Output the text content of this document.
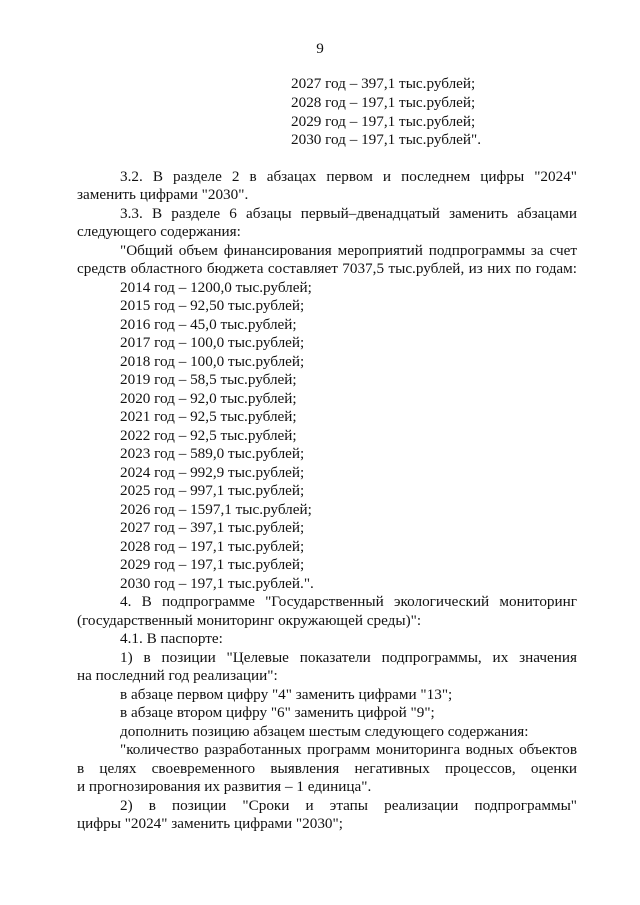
9
2027 год – 397,1 тыс.рублей;
2028 год – 197,1 тыс.рублей;
2029 год – 197,1 тыс.рублей;
2030 год – 197,1 тыс.рублей".
3.2. В разделе 2 в абзацах первом и последнем цифры "2024"
заменить цифрами "2030".
3.3. В разделе 6 абзацы первый–двенадцатый заменить абзацами
следующего содержания:
"Общий объем финансирования мероприятий подпрограммы за счет
средств областного бюджета составляет 7037,5 тыс.рублей, из них по годам:
2014 год – 1200,0 тыс.рублей;
2015 год – 92,50 тыс.рублей;
2016 год – 45,0 тыс.рублей;
2017 год – 100,0 тыс.рублей;
2018 год – 100,0 тыс.рублей;
2019 год – 58,5 тыс.рублей;
2020 год – 92,0 тыс.рублей;
2021 год – 92,5 тыс.рублей;
2022 год – 92,5 тыс.рублей;
2023 год – 589,0 тыс.рублей;
2024 год – 992,9 тыс.рублей;
2025 год – 997,1 тыс.рублей;
2026 год – 1597,1 тыс.рублей;
2027 год – 397,1 тыс.рублей;
2028 год – 197,1 тыс.рублей;
2029 год – 197,1 тыс.рублей;
2030 год – 197,1 тыс.рублей.".
4. В подпрограмме "Государственный экологический мониторинг
(государственный мониторинг окружающей среды)":
4.1. В паспорте:
1) в позиции "Целевые показатели подпрограммы, их значения
на последний год реализации":
в абзаце первом цифру "4" заменить цифрами "13";
в абзаце втором цифру "6" заменить цифрой "9";
дополнить позицию абзацем шестым следующего содержания:
"количество разработанных программ мониторинга водных объектов
в целях своевременного выявления негативных процессов, оценки
и прогнозирования их развития – 1 единица".
2) в позиции "Сроки и этапы реализации подпрограммы"
цифры "2024" заменить цифрами "2030";
